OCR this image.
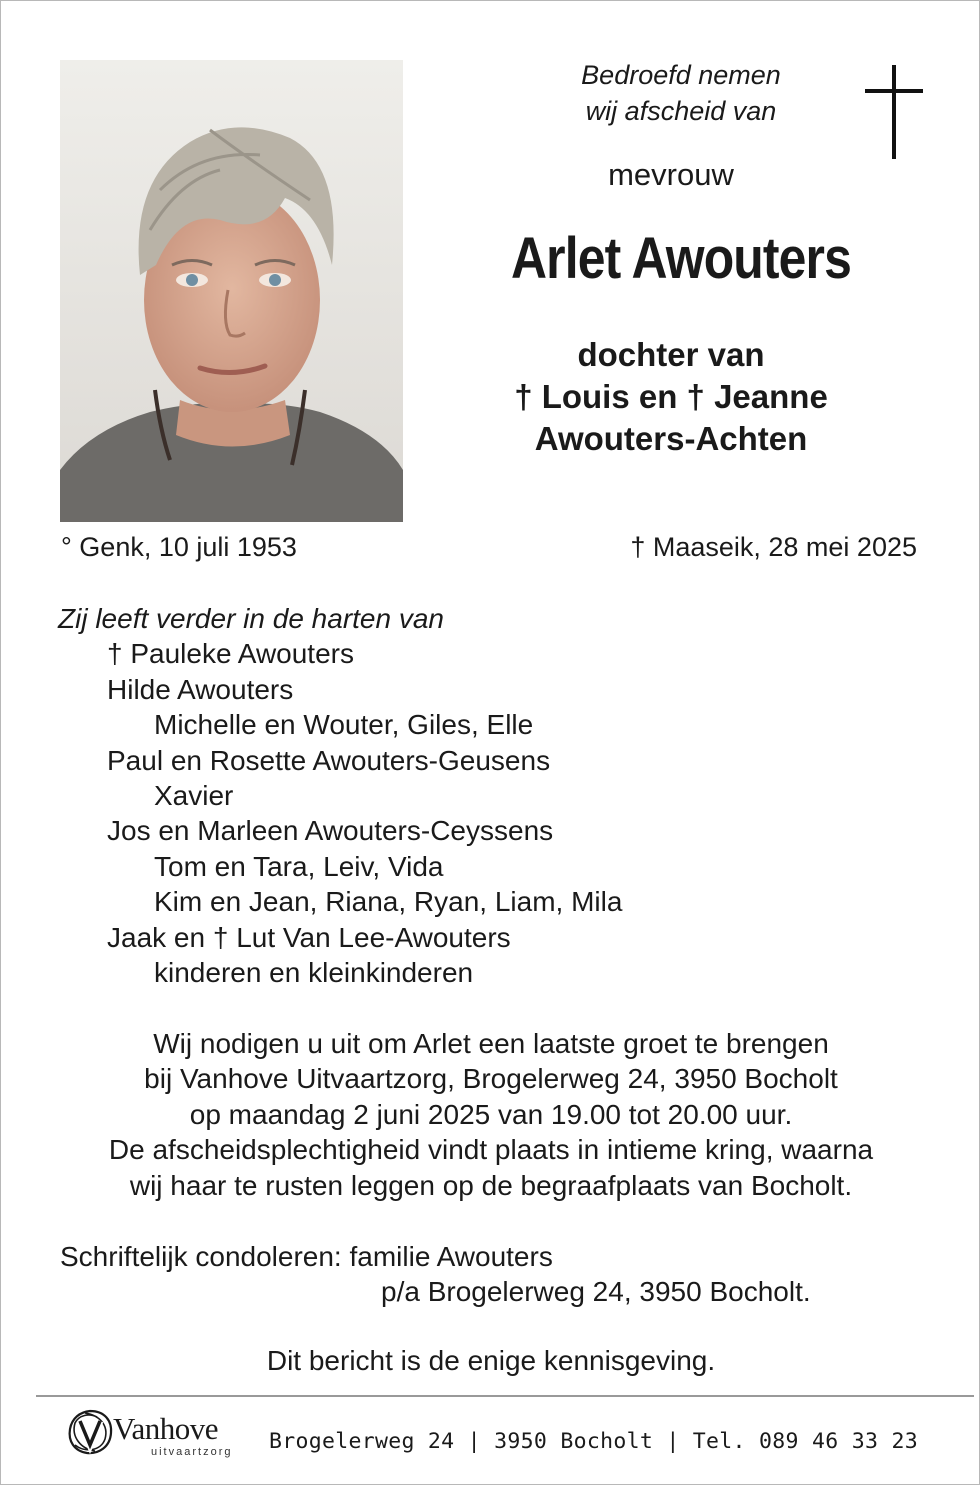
Bedroefd nemen
wij afscheid van
mevrouw
Arlet Awouters
dochter van
† Louis en † Jeanne
Awouters-Achten
° Genk, 10 juli 1953	† Maaseik, 28 mei 2025
Zij leeft verder in de harten van
† Pauleke Awouters
Hilde Awouters
Michelle en Wouter, Giles, Elle
Paul en Rosette Awouters-Geusens
Xavier
Jos en Marleen Awouters-Ceyssens
Tom en Tara, Leiv, Vida
Kim en Jean, Riana, Ryan, Liam, Mila
Jaak en † Lut Van Lee-Awouters
kinderen en kleinkinderen
Wij nodigen u uit om Arlet een laatste groet te brengen
bij Vanhove Uitvaartzorg, Brogelerweg 24, 3950 Bocholt
op maandag 2 juni 2025 van 19.00 tot 20.00 uur.
De afscheidsplechtigheid vindt plaats in intieme kring, waarna
wij haar te rusten leggen op de begraafplaats van Bocholt.
Schriftelijk condoleren: familie Awouters
p/a Brogelerweg 24, 3950 Bocholt.
Dit bericht is de enige kennisgeving.
Vanhove
uitvaartzorg Brogelerweg 24 | 3950 Bocholt | Tel. 089 46 33 23
